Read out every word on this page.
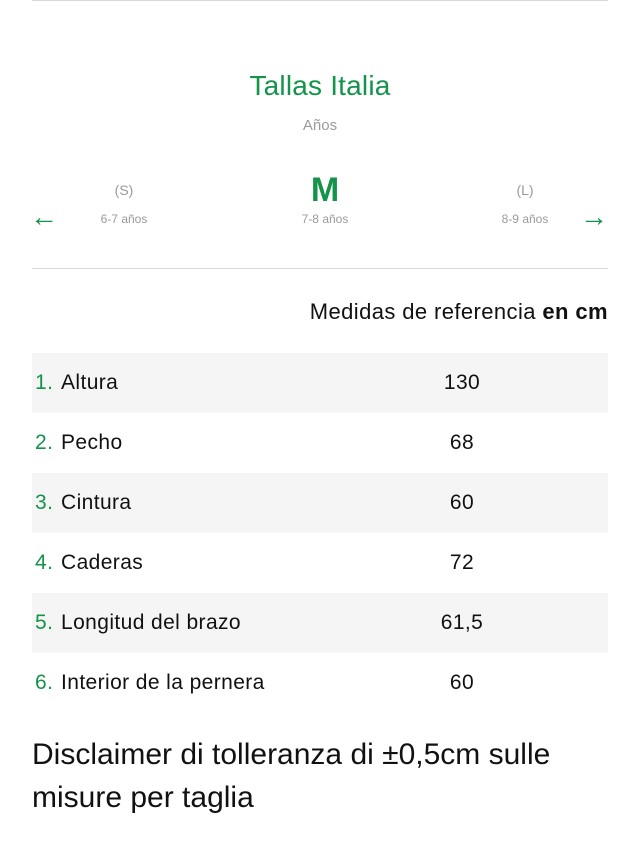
Tallas Italia
Años
←
(S)
6-7 años
M
7-8 años
(L)
8-9 años	→
Medidas de referencia en cm
1. Altura	130
2. Pecho	68
3. Cintura	60
4. Caderas	72
5. Longitud del brazo	61,5
6. Interior de la pernera	60
Disclaimer di tolleranza di ±0,5cm sulle misure per taglia
